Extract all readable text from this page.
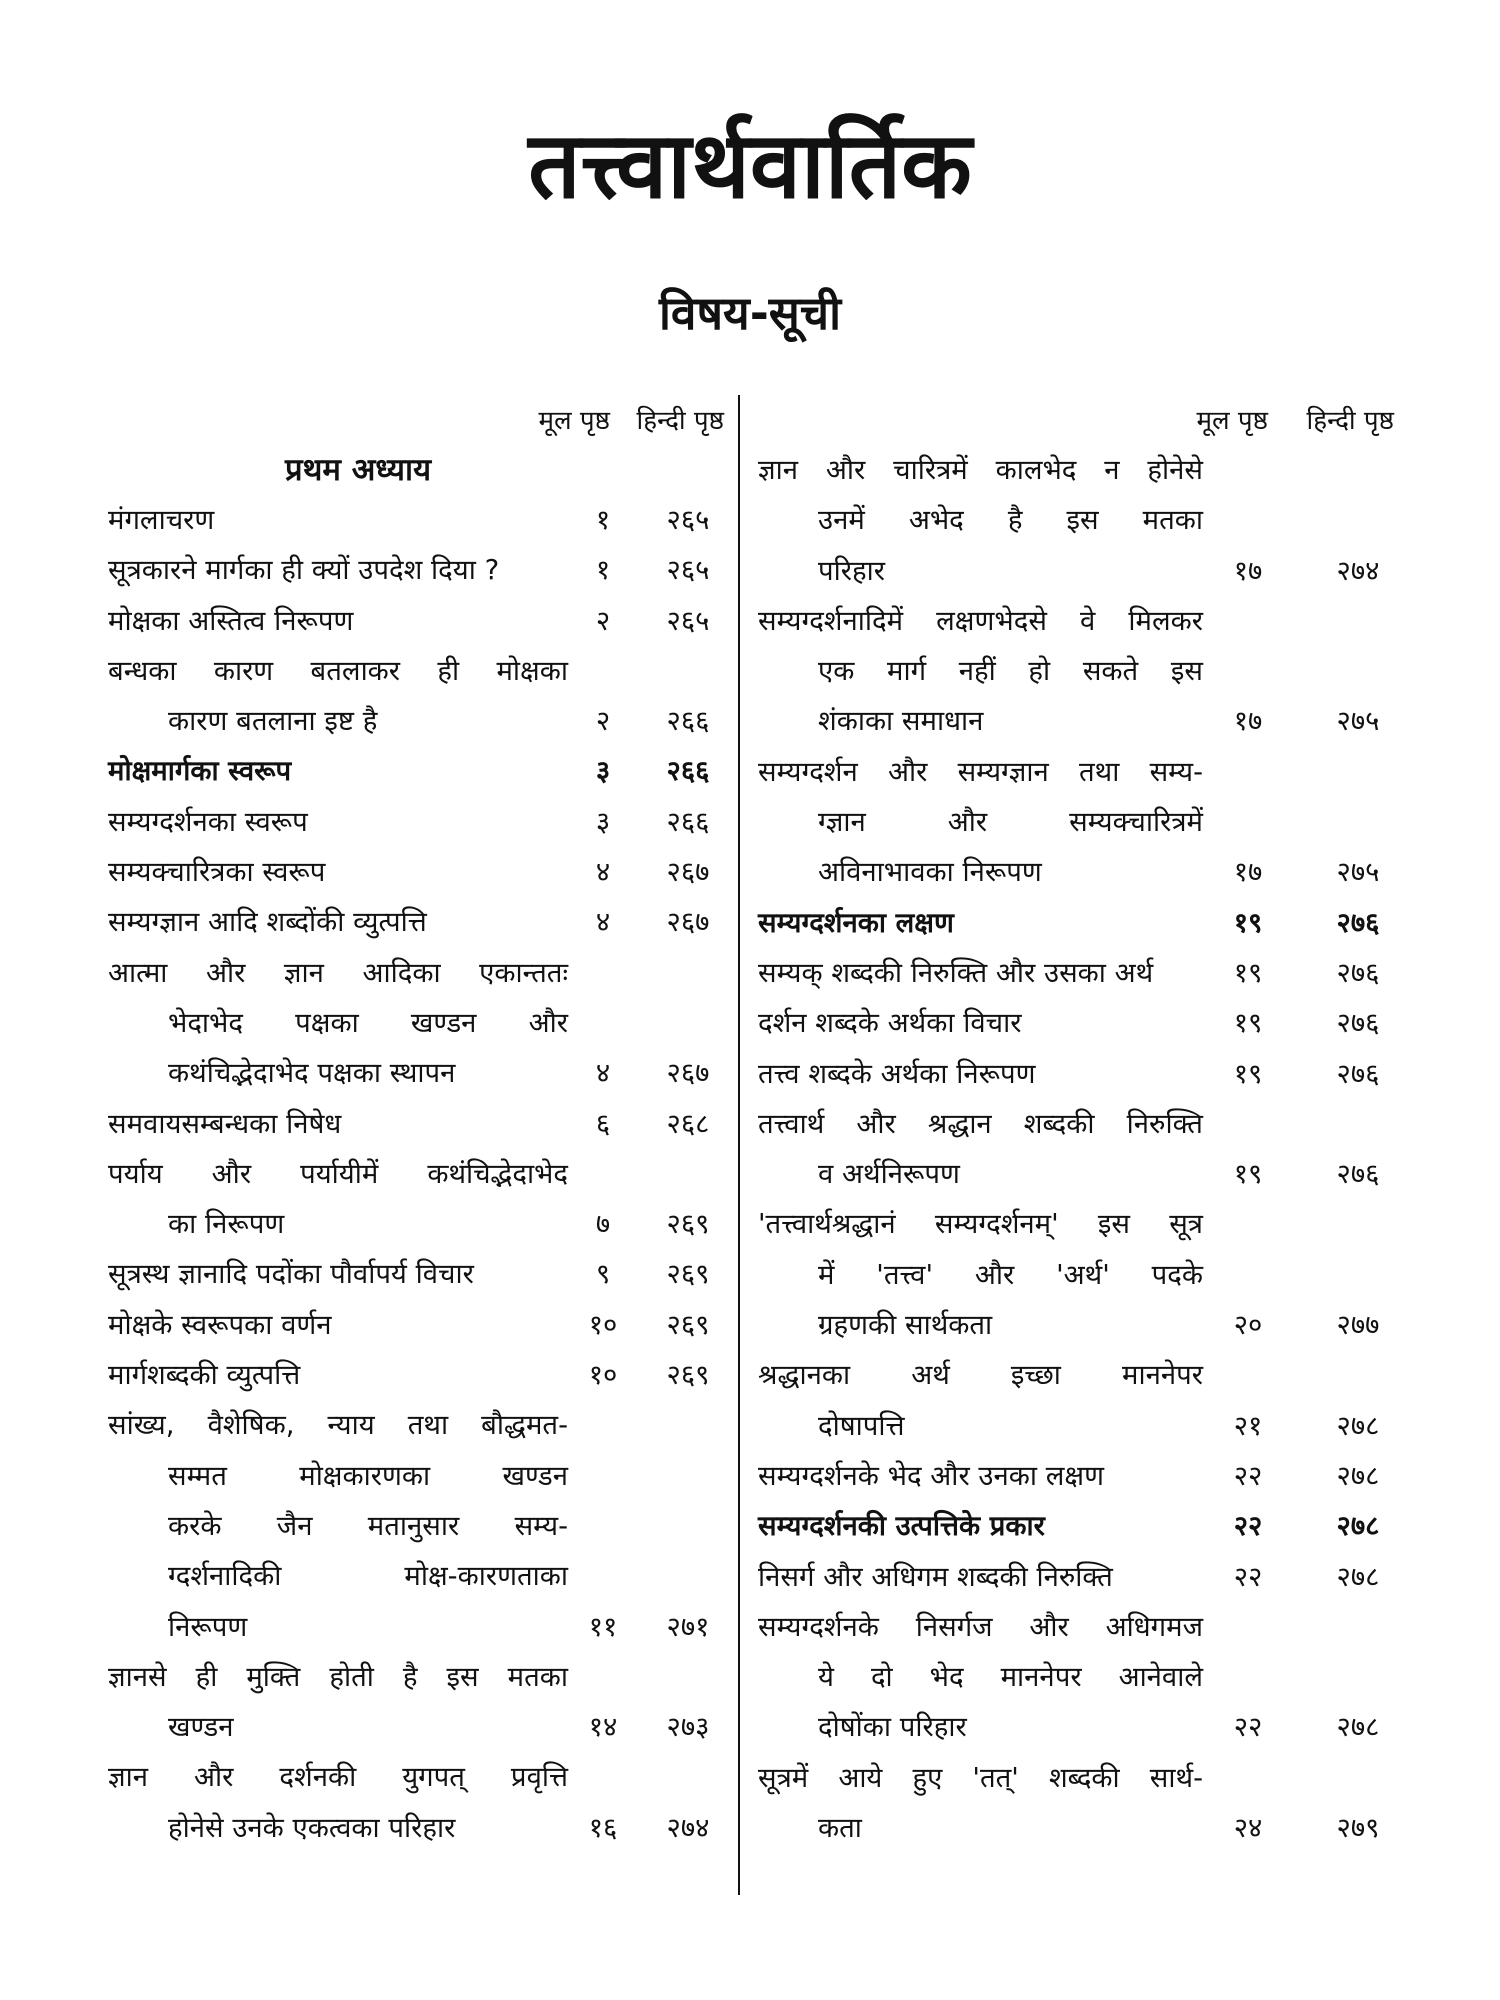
तत्त्वार्थवार्तिक
विषय-सूची
मूल पृष्ठ हिन्दी पृष्ठ
प्रथम अध्याय
मंगलाचरण	१	२६५
सूत्रकारने मार्गका ही क्यों उपदेश दिया ?	१	२६५
मोक्षका अस्तित्व निरूपण	२	२६५
बन्धका कारण बतलाकर ही मोक्षका
कारण बतलाना इष्ट है	२	२६६
मोक्षमार्गका स्वरूप	३	२६६
सम्यग्दर्शनका स्वरूप	३	२६६
सम्यक्चारित्रका स्वरूप	४	२६७
सम्यग्ज्ञान आदि शब्दोंकी व्युत्पत्ति	४	२६७
आत्मा और ज्ञान आदिका एकान्ततः
भेदाभेद पक्षका खण्डन और
कथंचिद्भेदाभेद पक्षका स्थापन	४	२६७
समवायसम्बन्धका निषेध	६	२६८
पर्याय और पर्यायीमें कथंचिद्भेदाभेद
का निरूपण	७	२६९
सूत्रस्थ ज्ञानादि पदोंका पौर्वापर्य विचार	९	२६९
मोक्षके स्वरूपका वर्णन	१०	२६९
मार्गशब्दकी व्युत्पत्ति	१०	२६९
सांख्य, वैशेषिक, न्याय तथा बौद्धमत-
सम्मत मोक्षकारणका खण्डन
करके जैन मतानुसार सम्य-
ग्दर्शनादिकी मोक्ष-कारणताका
निरूपण	११	२७१
ज्ञानसे ही मुक्ति होती है इस मतका
खण्डन	१४	२७३
ज्ञान और दर्शनकी युगपत् प्रवृत्ति
होनेसे उनके एकत्वका परिहार	१६	२७४
मूल पृष्ठ हिन्दी पृष्ठ
ज्ञान और चारित्रमें कालभेद न होनेसे
उनमें अभेद है इस मतका
परिहार	१७	२७४
सम्यग्दर्शनादिमें लक्षणभेदसे वे मिलकर
एक मार्ग नहीं हो सकते इस
शंकाका समाधान	१७	२७५
सम्यग्दर्शन और सम्यग्ज्ञान तथा सम्य-
ग्ज्ञान और सम्यक्चारित्रमें
अविनाभावका निरूपण	१७	२७५
सम्यग्दर्शनका लक्षण	१९	२७६
सम्यक् शब्दकी निरुक्ति और उसका अर्थ	१९	२७६
दर्शन शब्दके अर्थका विचार	१९	२७६
तत्त्व शब्दके अर्थका निरूपण	१९	२७६
तत्त्वार्थ और श्रद्धान शब्दकी निरुक्ति
व अर्थनिरूपण	१९	२७६
'तत्त्वार्थश्रद्धानं सम्यग्दर्शनम्' इस सूत्र
में 'तत्त्व' और 'अर्थ' पदके
ग्रहणकी सार्थकता	२०	२७७
श्रद्धानका अर्थ इच्छा माननेपर
दोषापत्ति	२१	२७८
सम्यग्दर्शनके भेद और उनका लक्षण	२२	२७८
सम्यग्दर्शनकी उत्पत्तिके प्रकार	२२	२७८
निसर्ग और अधिगम शब्दकी निरुक्ति	२२	२७८
सम्यग्दर्शनके निसर्गज और अधिगमज
ये दो भेद माननेपर आनेवाले
दोषोंका परिहार	२२	२७८
सूत्रमें आये हुए 'तत्' शब्दकी सार्थ-
कता	२४	२७९
